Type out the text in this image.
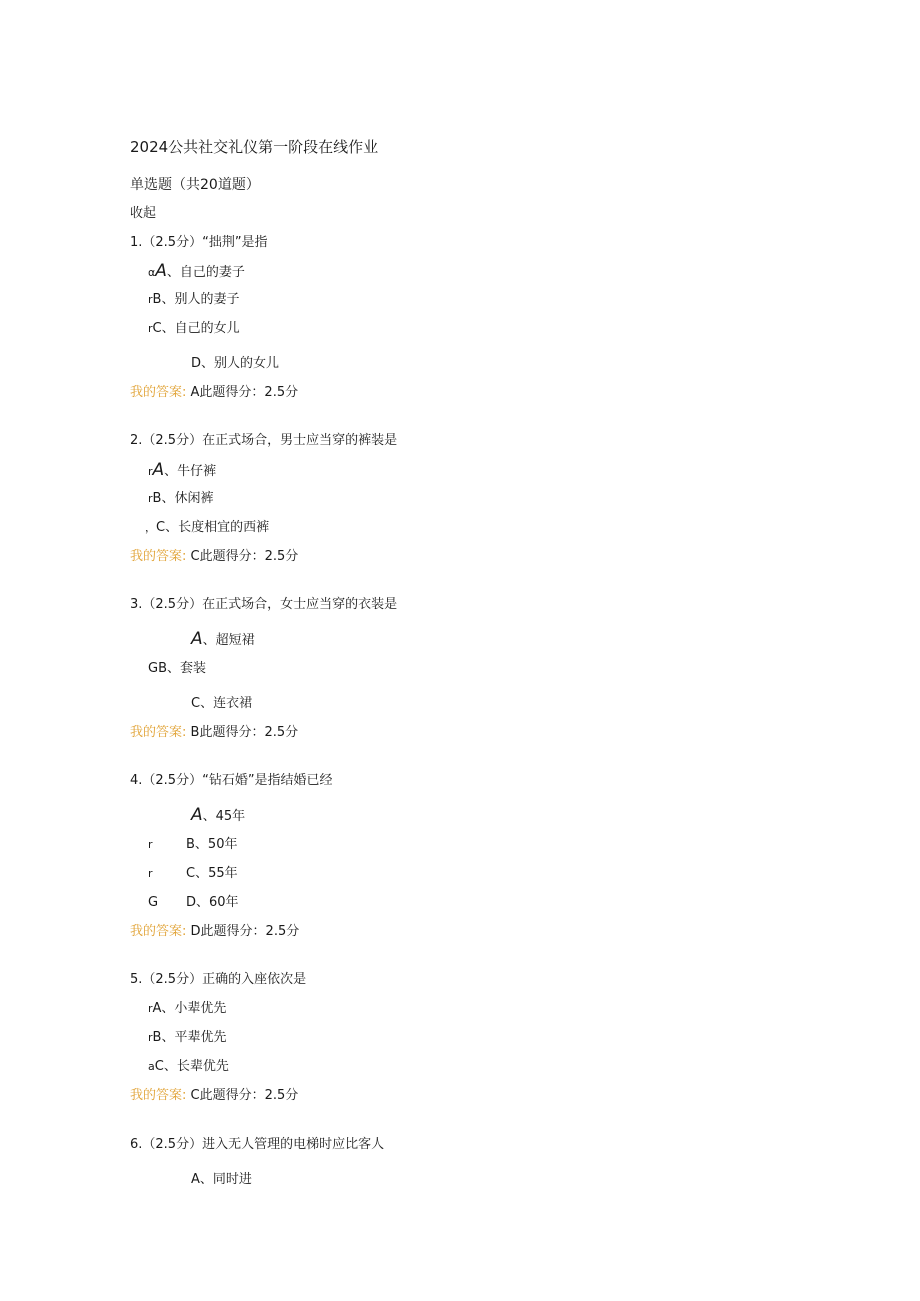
2024公共社交礼仪第一阶段在线作业
单选题（共20道题）
收起
1.（2.5分）“拙荆”是指
αA、自己的妻子
rB、别人的妻子
rC、自己的女儿
D、别人的女儿
我的答案: A此题得分：2.5分
2.（2.5分）在正式场合，男士应当穿的裤装是
rA、牛仔裤
rB、休闲裤
，C、长度相宜的西裤
我的答案: C此题得分：2.5分
3.（2.5分）在正式场合，女士应当穿的衣装是
A、超短裙
GB、套装
C、连衣裙
我的答案: B此题得分：2.5分
4.（2.5分）“钻石婚”是指结婚已经
A、45年
r	B、50年
r	C、55年
G D、60年
我的答案: D此题得分：2.5分
5.（2.5分）正确的入座依次是
rA、小辈优先
rB、平辈优先
aC、长辈优先
我的答案: C此题得分：2.5分
6.（2.5分）进入无人管理的电梯时应比客人
A、同时进
